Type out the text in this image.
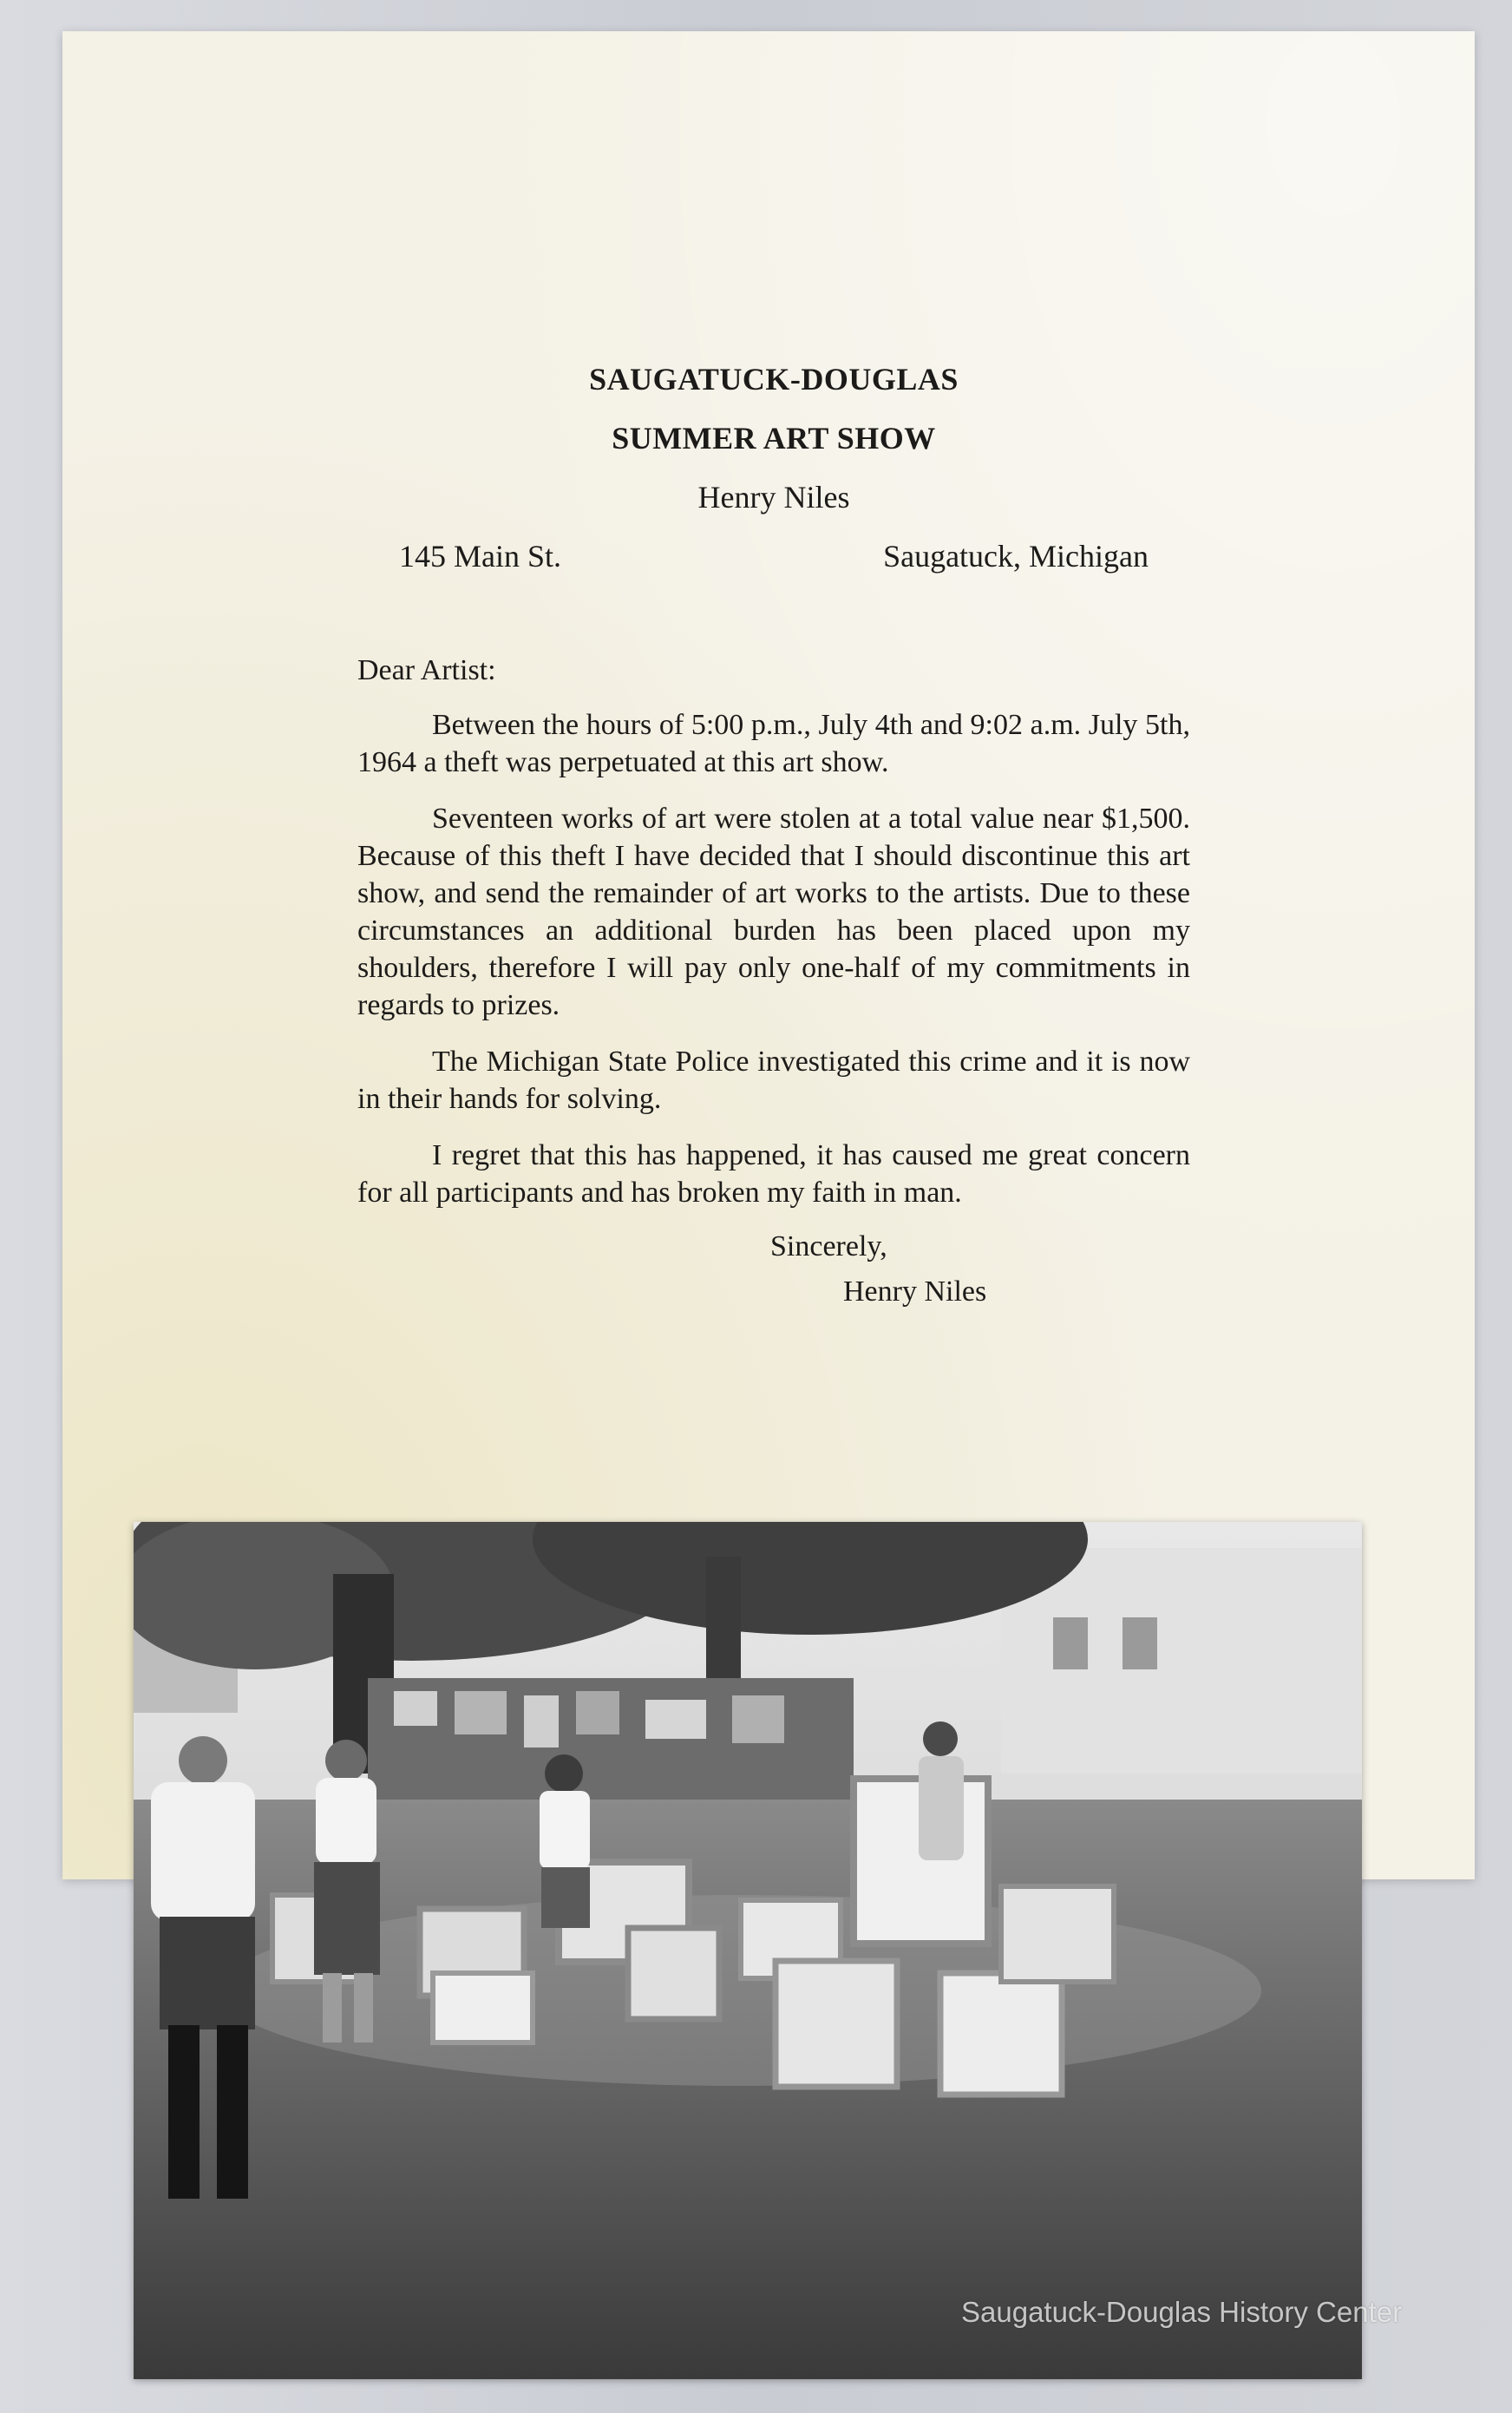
SAUGATUCK-DOUGLAS
SUMMER ART SHOW
Henry Niles
145 Main St.	Saugatuck, Michigan
Dear Artist:

Between the hours of 5:00 p.m., July 4th and 9:02 a.m. July 5th, 1964 a theft was perpetuated at this art show.

Seventeen works of art were stolen at a total value near $1,500. Because of this theft I have decided that I should discontinue this art show, and send the remainder of art works to the artists. Due to these circumstances an additional burden has been placed upon my shoulders, therefore I will pay only one-half of my commitments in regards to prizes.

The Michigan State Police investigated this crime and it is now in their hands for solving.

I regret that this has happened, it has caused me great concern for all participants and has broken my faith in man.

Sincerely,
Henry Niles
Saugatuck-Douglas History Center
